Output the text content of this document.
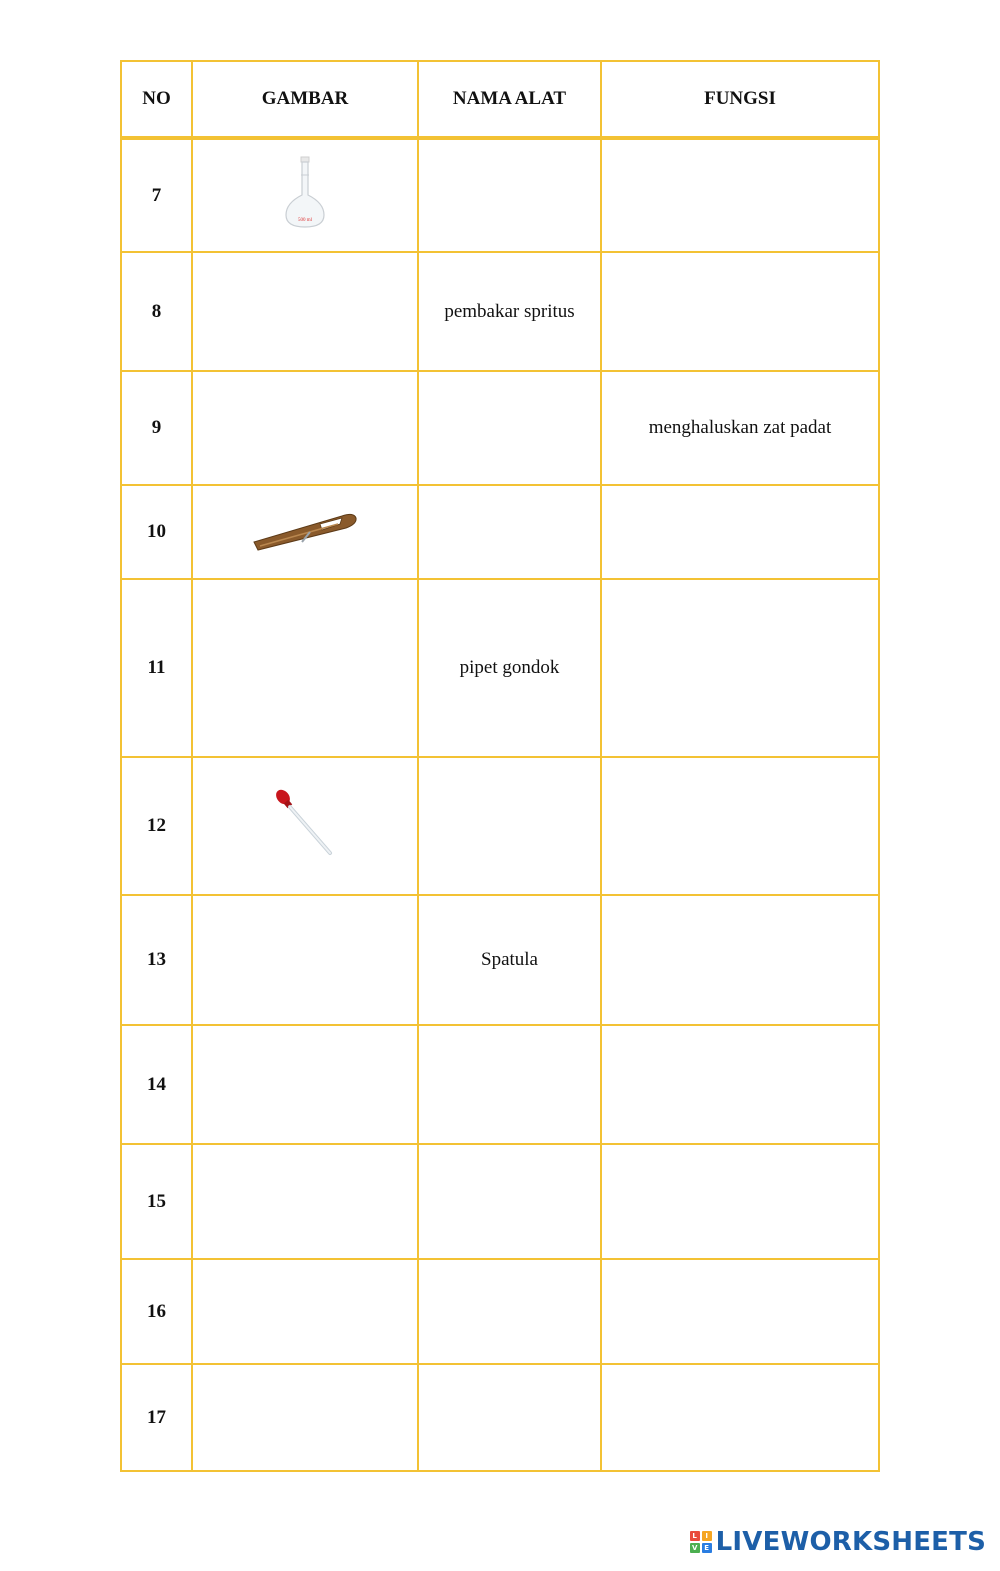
NO	GAMBAR	NAMA ALAT	FUNGSI
7	500 ml		

8		pembakar spritus	
9			menghaluskan zat padat
10			
11		pipet gondok	
12			
13		Spatula	
14			
15			
16			
17			
L	I
V E LIVEWORKSHEETS
